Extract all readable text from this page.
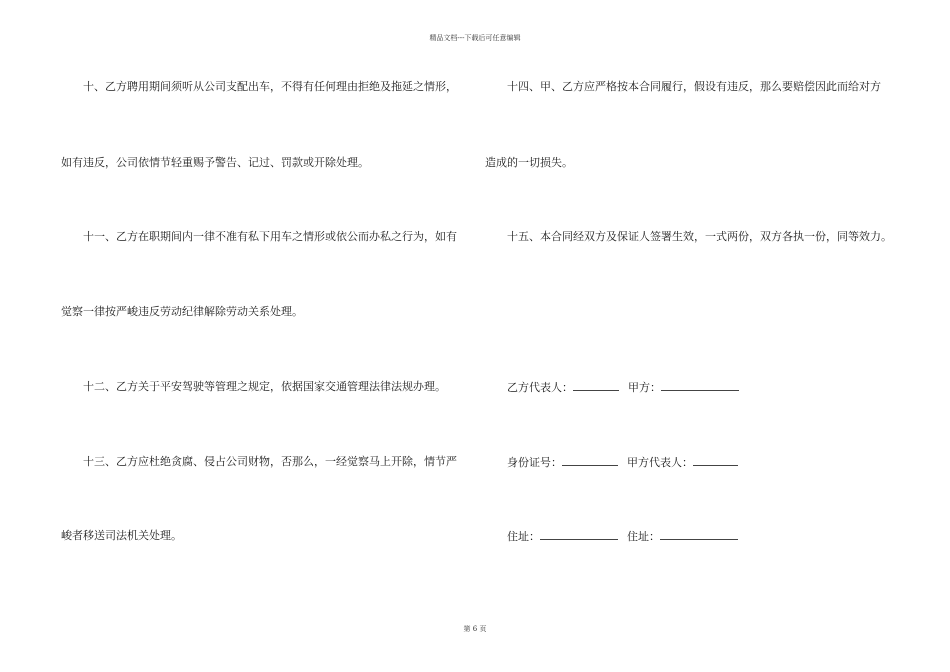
精品文档---下载后可任意编辑
十、乙方聘用期间须听从公司支配出车，不得有任何理由拒绝及拖延之情形，
如有违反，公司依情节轻重赐予警告、记过、罚款或开除处理。
十一、乙方在职期间内一律不准有私下用车之情形或依公而办私之行为，如有
觉察一律按严峻违反劳动纪律解除劳动关系处理。
十二、乙方关于平安驾驶等管理之规定，依据国家交通管理法律法规办理。
十三、乙方应杜绝贪腐、侵占公司财物，否那么，一经觉察马上开除，情节严
峻者移送司法机关处理。
十四、甲、乙方应严格按本合同履行，假设有违反，那么要赔偿因此而给对方
造成的一切损失。
十五、本合同经双方及保证人签署生效，一式两份，双方各执一份，同等效力。
乙方代表人：	甲方：
身份证号：	甲方代表人：
住址：	住址：
第 6 页
